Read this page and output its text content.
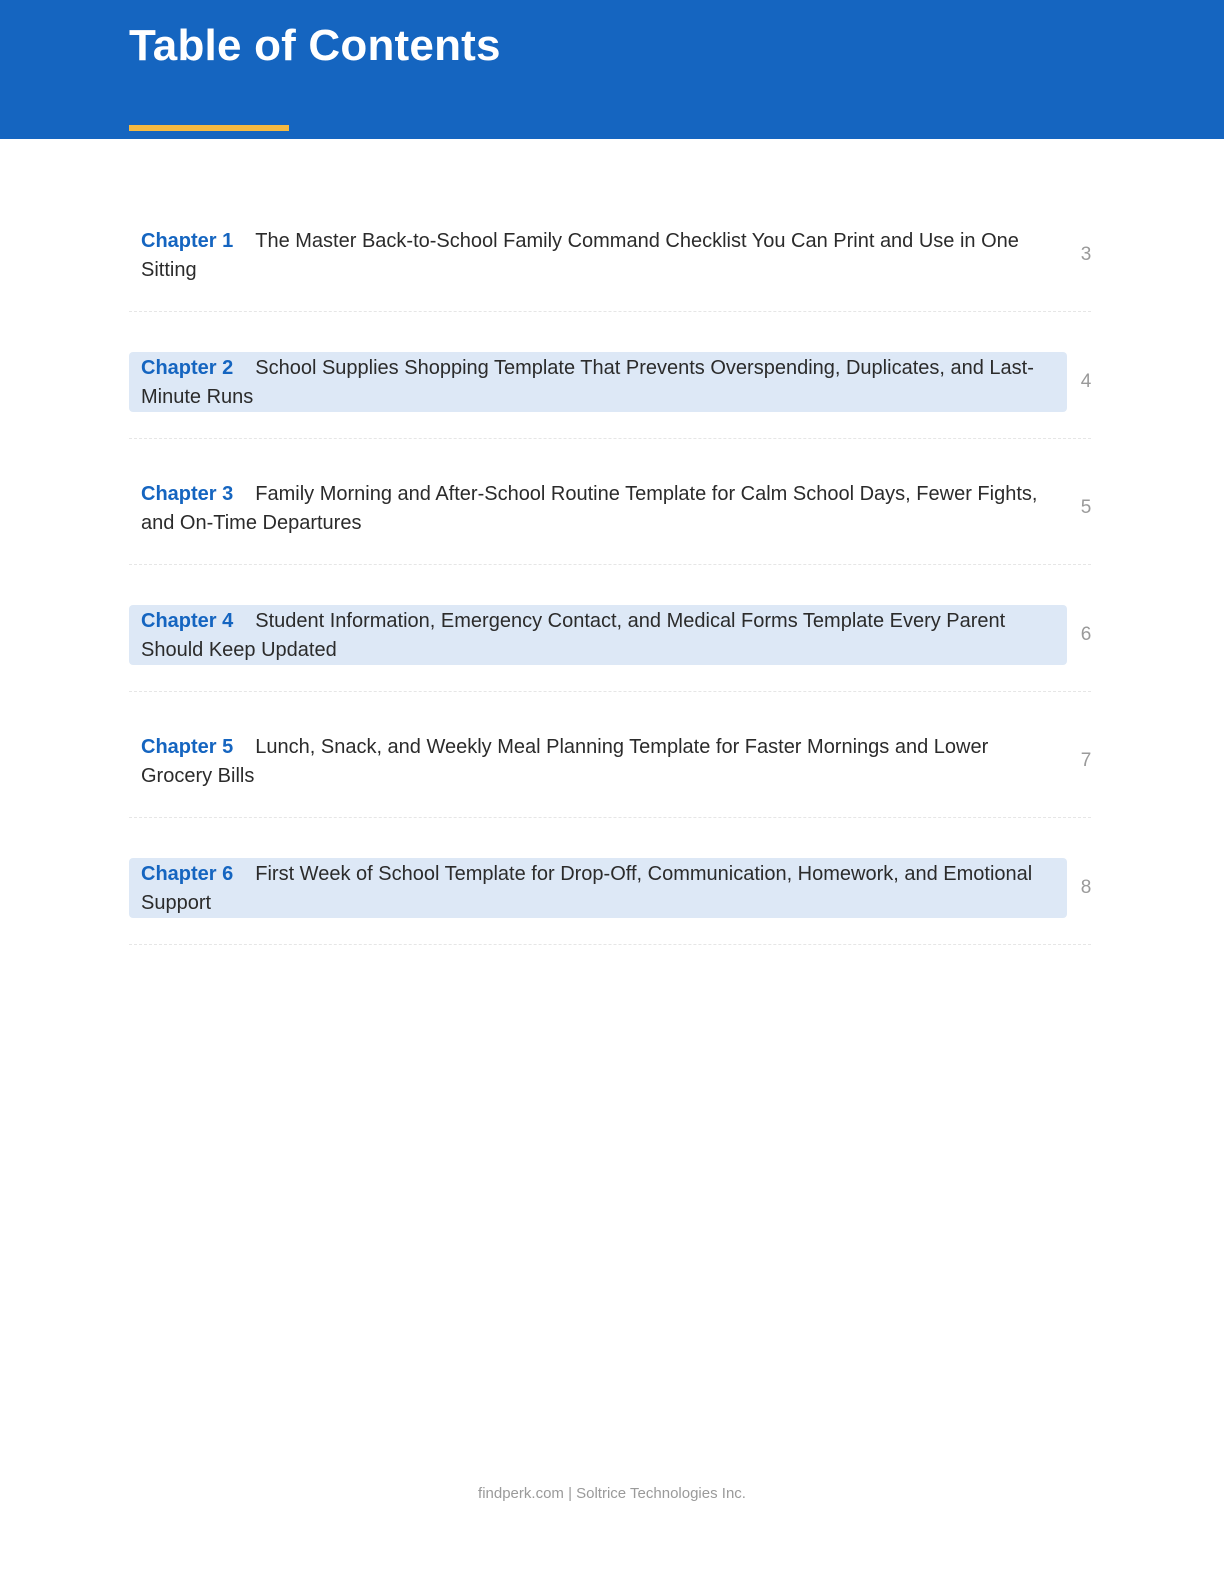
Table of Contents
Chapter 1 The Master Back-to-School Family Command Checklist You Can Print and Use in One Sitting
3
Chapter 2 School Supplies Shopping Template That Prevents Overspending, Duplicates, and Last-Minute Runs
4
Chapter 3 Family Morning and After-School Routine Template for Calm School Days, Fewer Fights, and On-Time Departures
5
Chapter 4 Student Information, Emergency Contact, and Medical Forms Template Every Parent Should Keep Updated
6
Chapter 5 Lunch, Snack, and Weekly Meal Planning Template for Faster Mornings and Lower Grocery Bills
7
Chapter 6 First Week of School Template for Drop-Off, Communication, Homework, and Emotional Support
8
findperk.com | Soltrice Technologies Inc.
